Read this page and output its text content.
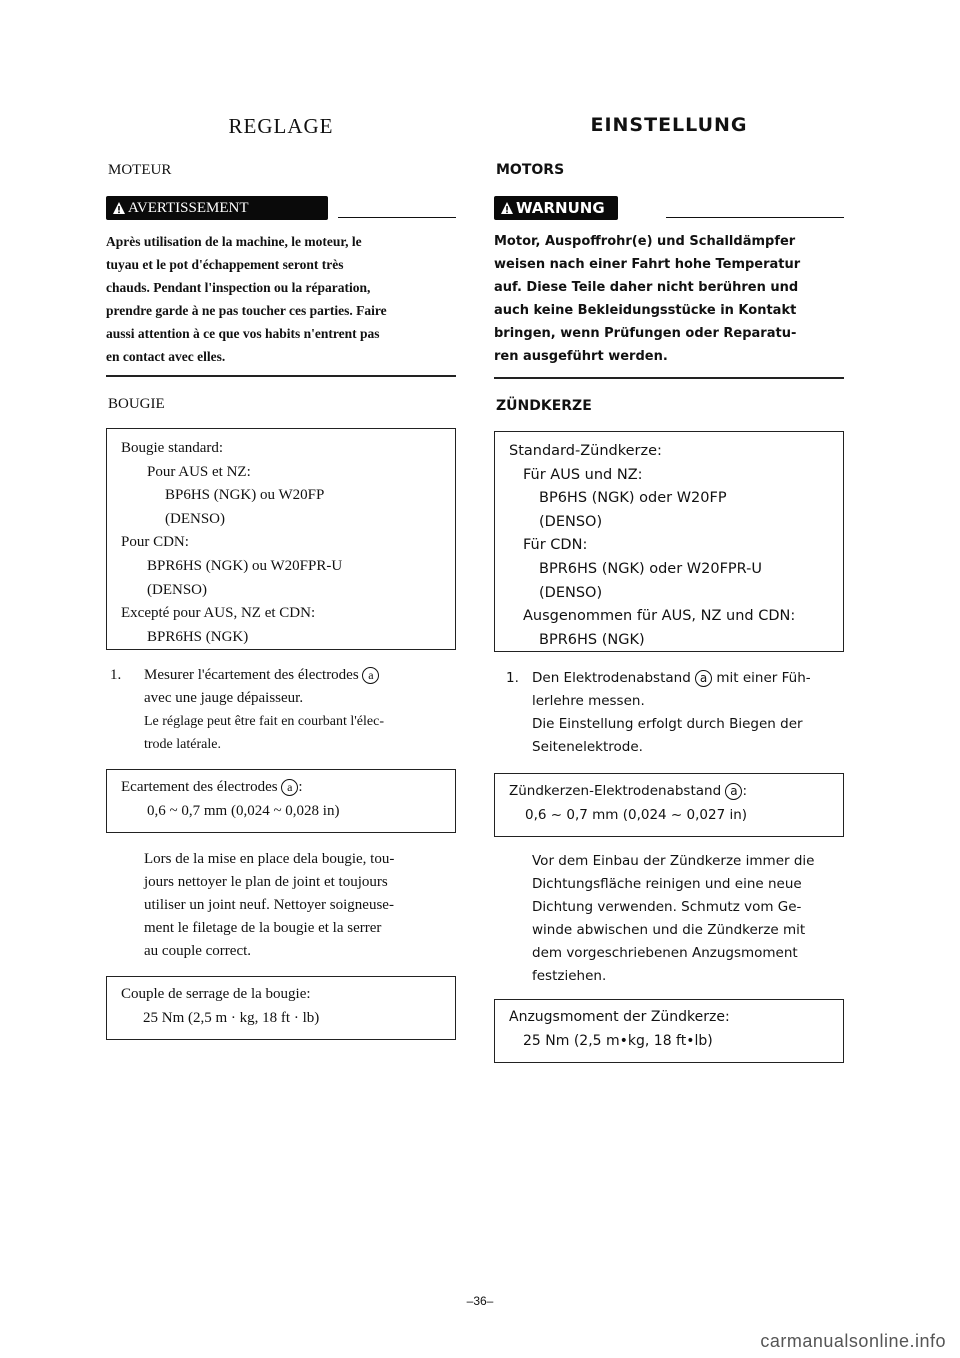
REGLAGE
MOTEUR
AVERTISSEMENT
Après utilisation de la machine, le moteur, le
tuyau et le pot d'échappement seront très
chauds. Pendant l'inspection ou la réparation,
prendre garde à ne pas toucher ces parties. Faire
aussi attention à ce que vos habits n'entrent pas
en contact avec elles.
BOUGIE
Bougie standard:
Pour AUS et NZ:
BP6HS (NGK) ou W20FP
(DENSO)
Pour CDN:
BPR6HS (NGK) ou W20FPR-U
(DENSO)
Excepté pour AUS, NZ et CDN:
BPR6HS (NGK)
1. Mesurer l'écartement des électrodes a
avec une jauge dépaisseur.
Le réglage peut être fait en courbant l'élec-
trode latérale.
Ecartement des électrodes a :
0,6 ~ 0,7 mm (0,024 ~ 0,028 in)
Lors de la mise en place dela bougie, tou-
jours nettoyer le plan de joint et toujours
utiliser un joint neuf. Nettoyer soigneuse-
ment le filetage de la bougie et la serrer
au couple correct.
Couple de serrage de la bougie:
25 Nm (2,5 m · kg, 18 ft · lb)
EINSTELLUNG
MOTORS
WARNUNG
Motor, Auspoffrohr(e) und Schalldämpfer
weisen nach einer Fahrt hohe Temperatur
auf. Diese Teile daher nicht berühren und
auch keine Bekleidungsstücke in Kontakt
bringen, wenn Prüfungen oder Reparatu-
ren ausgeführt werden.
ZÜNDKERZE
Standard-Zündkerze:
Für AUS und NZ:
BP6HS (NGK) oder W20FP
(DENSO)
Für CDN:
BPR6HS (NGK) oder W20FPR-U
(DENSO)
Ausgenommen für AUS, NZ und CDN:
BPR6HS (NGK)
1. Den Elektrodenabstand a mit einer Füh-
lerlehre messen.
Die Einstellung erfolgt durch Biegen der
Seitenelektrode.
Zündkerzen-Elektrodenabstand a :
0,6 ~ 0,7 mm (0,024 ~ 0,027 in)
Vor dem Einbau der Zündkerze immer die
Dichtungsfläche reinigen und eine neue
Dichtung verwenden. Schmutz vom Ge-
winde abwischen und die Zündkerze mit
dem vorgeschriebenen Anzugsmoment
festziehen.
Anzugsmoment der Zündkerze:
25 Nm (2,5 m•kg, 18 ft•lb)
–36–
carmanualsonline.info
